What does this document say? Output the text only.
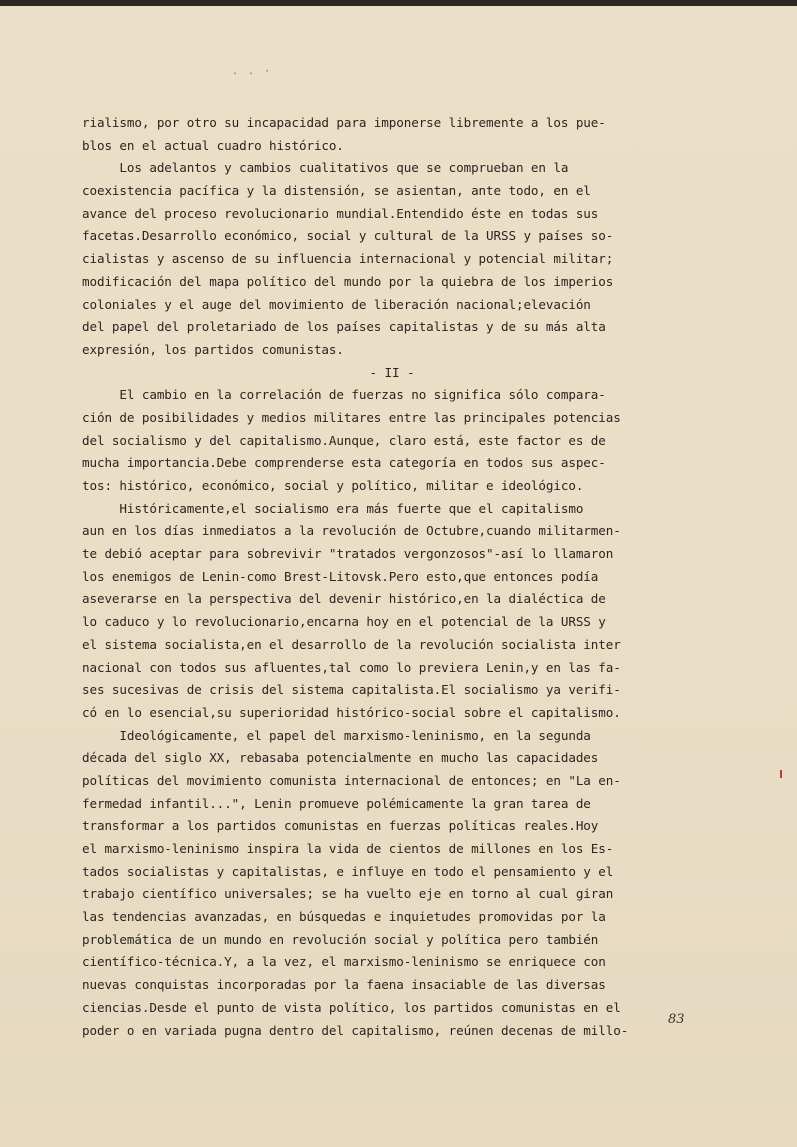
. . ·
rialismo, por otro su incapacidad para imponerse libremente a los pue-
blos en el actual cuadro histórico.
Los adelantos y cambios cualitativos que se comprueban en la
coexistencia pacífica y la distensión, se asientan, ante todo, en el
avance del proceso revolucionario mundial.Entendido éste en todas sus
facetas.Desarrollo económico, social y cultural de la URSS y países so-
cialistas y ascenso de su influencia internacional y potencial militar;
modificación del mapa político del mundo por la quiebra de los imperios
coloniales y el auge del movimiento de liberación nacional;elevación
del papel del proletariado de los países capitalistas y de su más alta
expresión, los partidos comunistas.
- II -
El cambio en la correlación de fuerzas no significa sólo compara-
ción de posibilidades y medios militares entre las principales potencias
del socialismo y del capitalismo.Aunque, claro está, este factor es de
mucha importancia.Debe comprenderse esta categoría en todos sus aspec-
tos: histórico, económico, social y político, militar e ideológico.
Históricamente,el socialismo era más fuerte que el capitalismo
aun en los días inmediatos a la revolución de Octubre,cuando militarmen-
te debió aceptar para sobrevivir "tratados vergonzosos"-así lo llamaron
los enemigos de Lenin-como Brest-Litovsk.Pero esto,que entonces podía
aseverarse en la perspectiva del devenir histórico,en la dialéctica de
lo caduco y lo revolucionario,encarna hoy en el potencial de la URSS y
el sistema socialista,en el desarrollo de la revolución socialista inter
nacional con todos sus afluentes,tal como lo previera Lenin,y en las fa-
ses sucesivas de crisis del sistema capitalista.El socialismo ya verifi-
có en lo esencial,su superioridad histórico-social sobre el capitalismo.
Ideológicamente, el papel del marxismo-leninismo, en la segunda
década del siglo XX, rebasaba potencialmente en mucho las capacidades
políticas del movimiento comunista internacional de entonces; en "La en-
fermedad infantil...", Lenin promueve polémicamente la gran tarea de
transformar a los partidos comunistas en fuerzas políticas reales.Hoy
el marxismo-leninismo inspira la vida de cientos de millones en los Es-
tados socialistas y capitalistas, e influye en todo el pensamiento y el
trabajo científico universales; se ha vuelto eje en torno al cual giran
las tendencias avanzadas, en búsquedas e inquietudes promovidas por la
problemática de un mundo en revolución social y política pero también
científico-técnica.Y, a la vez, el marxismo-leninismo se enriquece con
nuevas conquistas incorporadas por la faena insaciable de las diversas
ciencias.Desde el punto de vista político, los partidos comunistas en el
poder o en variada pugna dentro del capitalismo, reúnen decenas de millo-
83
